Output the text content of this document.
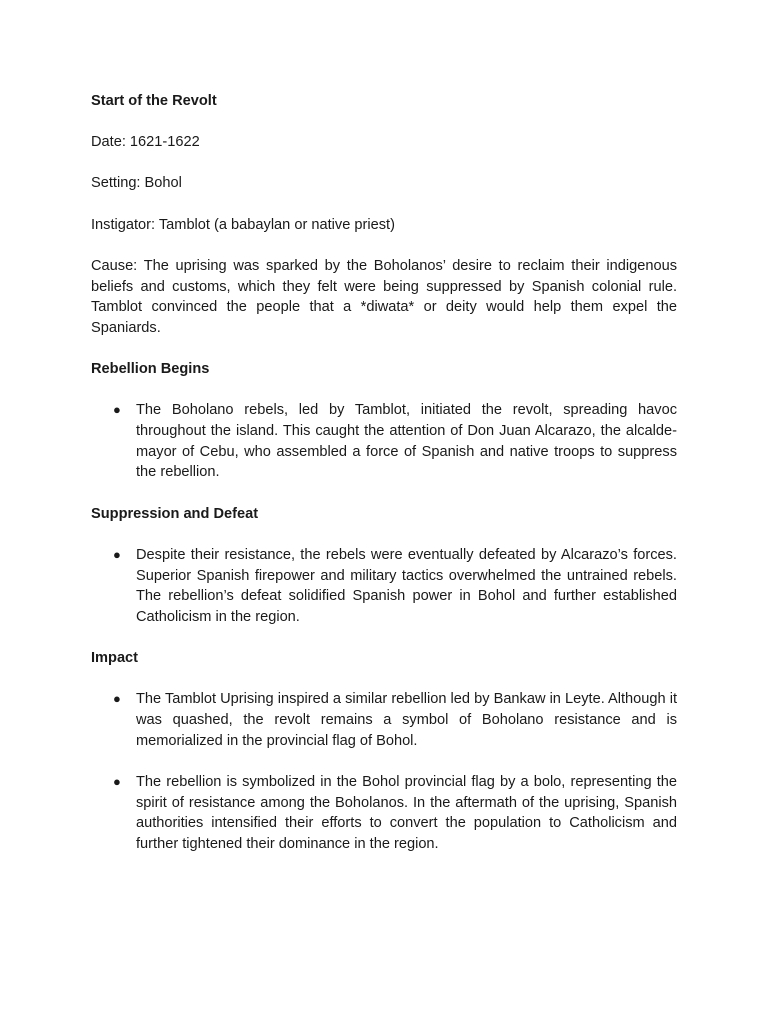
Start of the Revolt

Date: 1621-1622

Setting: Bohol

Instigator: Tamblot (a babaylan or native priest)

Cause: The uprising was sparked by the Boholanos’ desire to reclaim their indigenous beliefs and customs, which they felt were being suppressed by Spanish colonial rule. Tamblot convinced the people that a *diwata* or deity would help them expel the Spaniards.

Rebellion Begins

● The Boholano rebels, led by Tamblot, initiated the revolt, spreading havoc throughout the island. This caught the attention of Don Juan Alcarazo, the alcalde-mayor of Cebu, who assembled a force of Spanish and native troops to suppress the rebellion.

Suppression and Defeat

● Despite their resistance, the rebels were eventually defeated by Alcarazo’s forces. Superior Spanish firepower and military tactics overwhelmed the untrained rebels. The rebellion’s defeat solidified Spanish power in Bohol and further established Catholicism in the region.

Impact

● The Tamblot Uprising inspired a similar rebellion led by Bankaw in Leyte. Although it was quashed, the revolt remains a symbol of Boholano resistance and is memorialized in the provincial flag of Bohol.
● The rebellion is symbolized in the Bohol provincial flag by a bolo, representing the spirit of resistance among the Boholanos. In the aftermath of the uprising, Spanish authorities intensified their efforts to convert the population to Catholicism and further tightened their dominance in the region.
